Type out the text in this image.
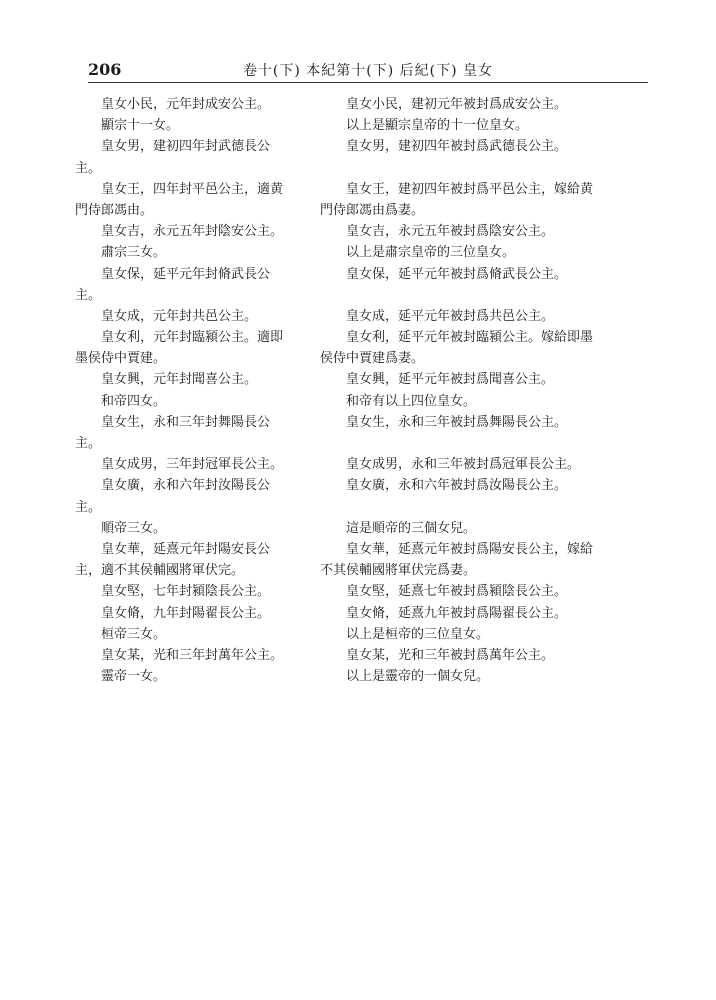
206	卷十(下) 本紀第十(下) 后紀(下) 皇女
皇女小民，元年封成安公主。
顯宗十一女。
皇女男，建初四年封武德長公
主。
皇女王，四年封平邑公主，適黄
門侍郎馮由。
皇女吉，永元五年封陰安公主。
肅宗三女。
皇女保，延平元年封脩武長公
主。
皇女成，元年封共邑公主。
皇女利，元年封臨潁公主。適即
墨侯侍中賈建。
皇女興，元年封聞喜公主。
和帝四女。
皇女生，永和三年封舞陽長公
主。
皇女成男，三年封冠軍長公主。
皇女廣，永和六年封汝陽長公
主。
順帝三女。
皇女華，延熹元年封陽安長公
主，適不其侯輔國將軍伏完。
皇女堅，七年封潁陰長公主。
皇女脩，九年封陽翟長公主。
桓帝三女。
皇女某，光和三年封萬年公主。
靈帝一女。
皇女小民，建初元年被封爲成安公主。
以上是顯宗皇帝的十一位皇女。
皇女男，建初四年被封爲武德長公主。
皇女王，建初四年被封爲平邑公主，嫁給黄
門侍郎馮由爲妻。
皇女吉，永元五年被封爲陰安公主。
以上是肅宗皇帝的三位皇女。
皇女保，延平元年被封爲脩武長公主。
皇女成，延平元年被封爲共邑公主。
皇女利，延平元年被封臨潁公主。嫁給即墨
侯侍中賈建爲妻。
皇女興，延平元年被封爲聞喜公主。
和帝有以上四位皇女。
皇女生，永和三年被封爲舞陽長公主。
皇女成男，永和三年被封爲冠軍長公主。
皇女廣，永和六年被封爲汝陽長公主。
這是順帝的三個女兒。
皇女華，延熹元年被封爲陽安長公主，嫁給
不其侯輔國將軍伏完爲妻。
皇女堅，延熹七年被封爲潁陰長公主。
皇女脩，延熹九年被封爲陽翟長公主。
以上是桓帝的三位皇女。
皇女某，光和三年被封爲萬年公主。
以上是靈帝的一個女兒。
